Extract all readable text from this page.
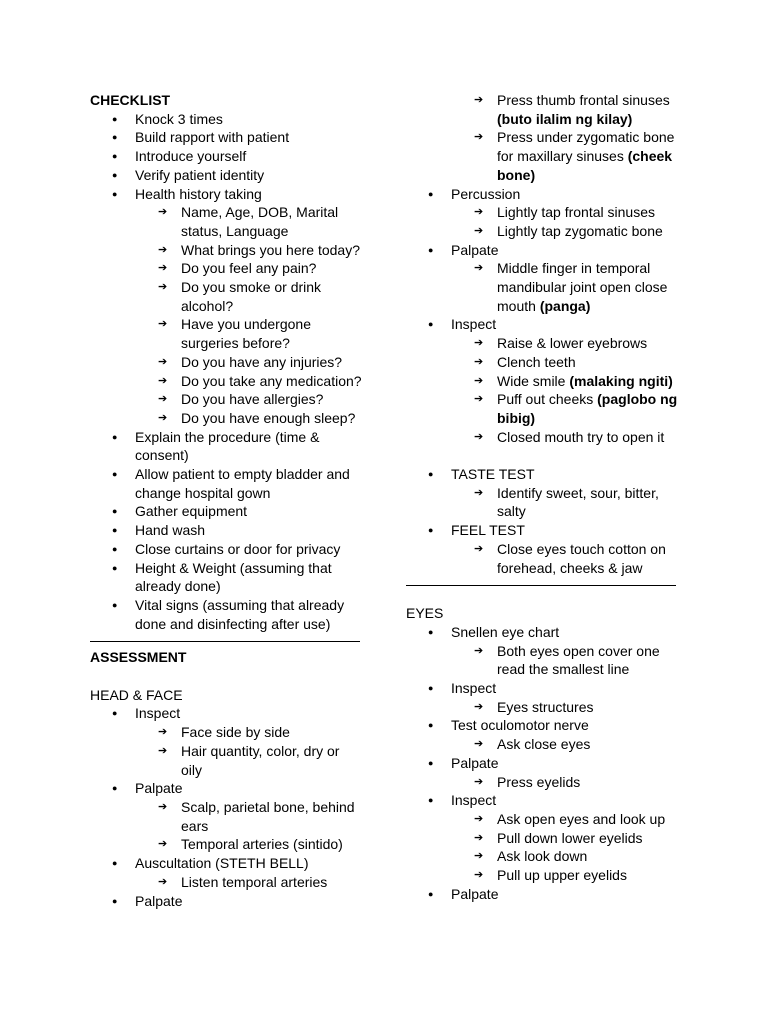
CHECKLIST
● Knock 3 times
● Build rapport with patient
● Introduce yourself
● Verify patient identity
● Health history taking
➔ Name, Age, DOB, Marital
status, Language
➔ What brings you here today?
➔ Do you feel any pain?
➔ Do you smoke or drink
alcohol?
➔ Have you undergone
surgeries before?
➔ Do you have any injuries?
➔ Do you take any medication?
➔ Do you have allergies?
➔ Do you have enough sleep?
● Explain the procedure (time &
consent)
● Allow patient to empty bladder and
change hospital gown
● Gather equipment
● Hand wash
● Close curtains or door for privacy
● Height & Weight (assuming that
already done)
● Vital signs (assuming that already
done and disinfecting after use)
ASSESSMENT
HEAD & FACE
● Inspect
➔ Face side by side
➔ Hair quantity, color, dry or
oily
● Palpate
➔ Scalp, parietal bone, behind
ears
➔ Temporal arteries (sintido)
● Auscultation (STETH BELL)
➔ Listen temporal arteries
● Palpate
➔ Press thumb frontal sinuses
(buto ilalim ng kilay)
➔ Press under zygomatic bone
for maxillary sinuses (cheek
bone)
● Percussion
➔ Lightly tap frontal sinuses
➔ Lightly tap zygomatic bone
● Palpate
➔ Middle finger in temporal
mandibular joint open close
mouth (panga)
● Inspect
➔ Raise & lower eyebrows
➔ Clench teeth
➔ Wide smile (malaking ngiti)
➔ Puff out cheeks (paglobo ng
bibig)
➔ Closed mouth try to open it
● TASTE TEST
➔ Identify sweet, sour, bitter,
salty
● FEEL TEST
➔ Close eyes touch cotton on
forehead, cheeks & jaw
EYES
● Snellen eye chart
➔ Both eyes open cover one
read the smallest line
● Inspect
➔ Eyes structures
● Test oculomotor nerve
➔ Ask close eyes
● Palpate
➔ Press eyelids
● Inspect
➔ Ask open eyes and look up
➔ Pull down lower eyelids
➔ Ask look down
➔ Pull up upper eyelids
● Palpate
